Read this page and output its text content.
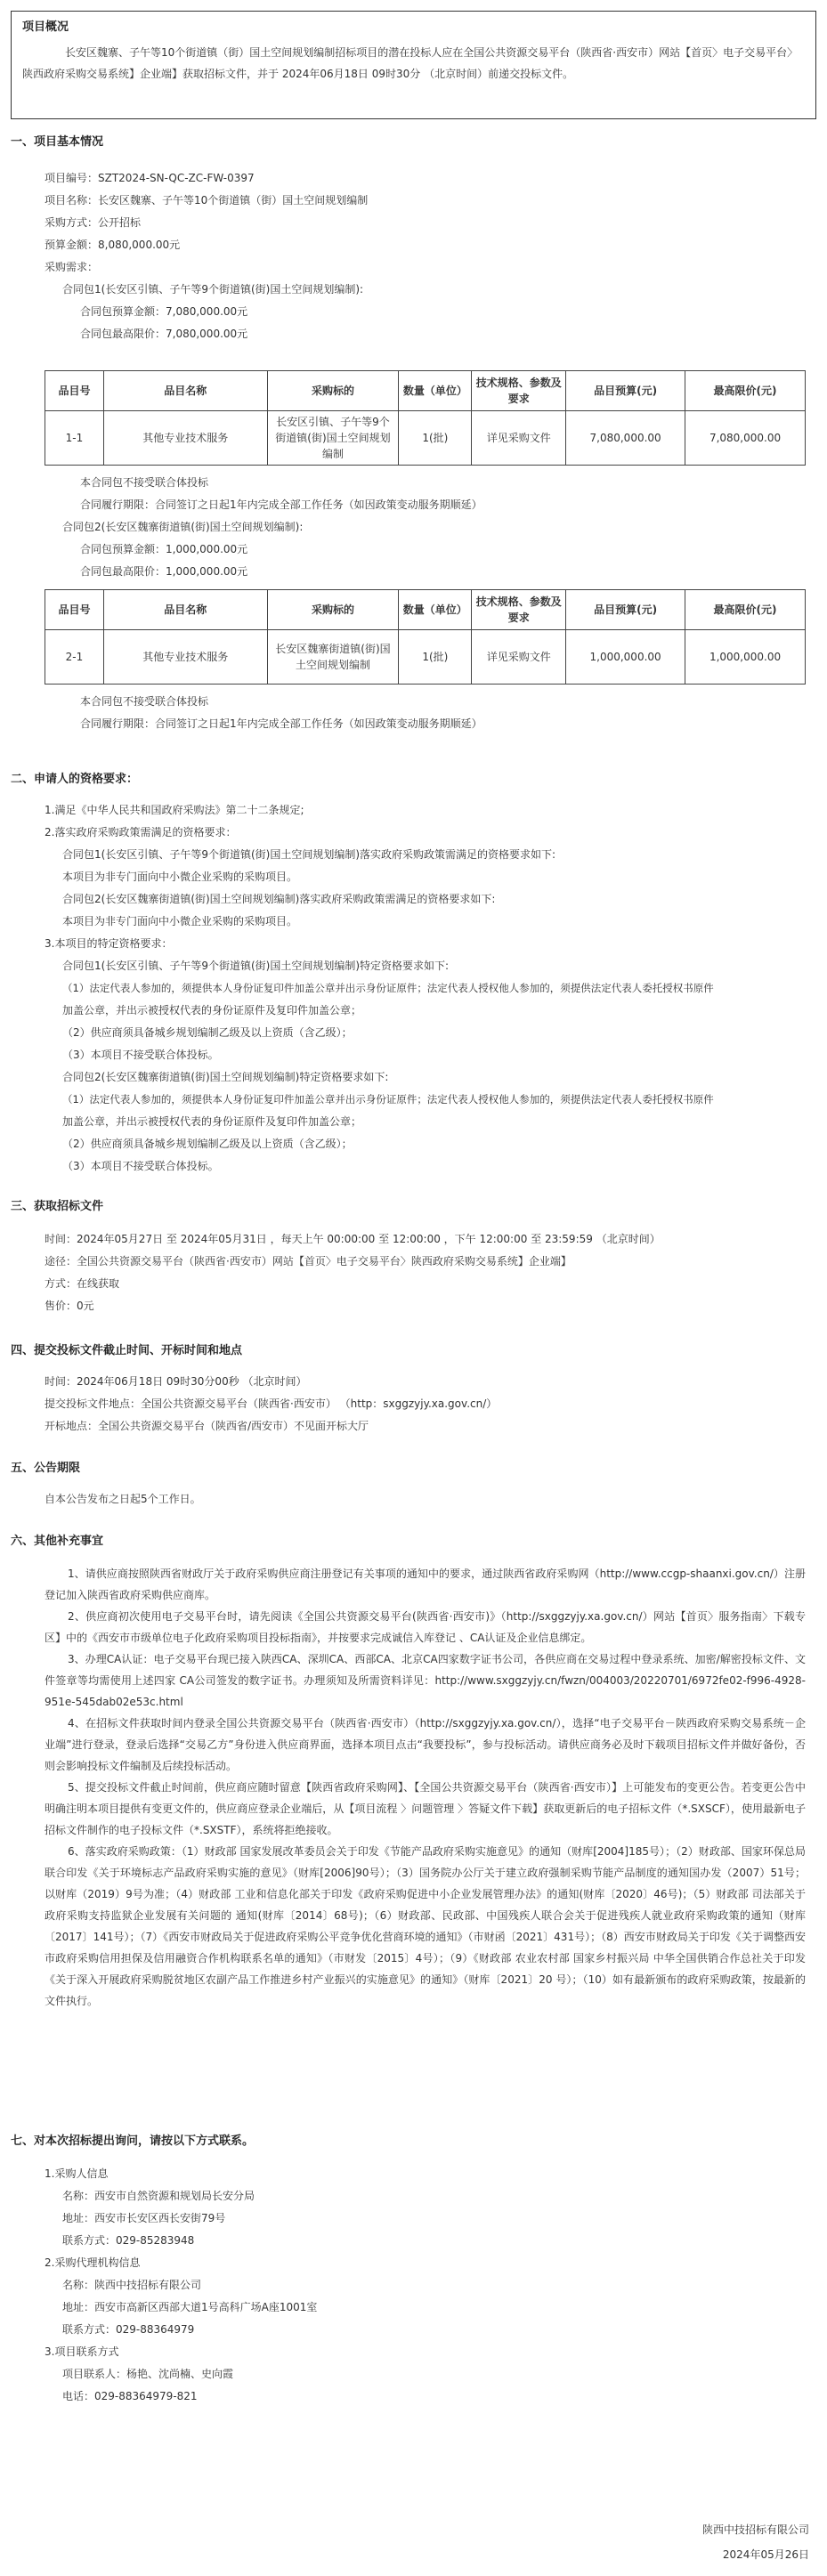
项目概况

长安区魏寨、子午等10个街道镇（街）国土空间规划编制招标项目的潜在投标人应在全国公共资源交易平台（陕西省·西安市）网站【首页〉电子交易平台〉陕西政府采购交易系统】企业端】获取招标文件，并于 2024年06月18日 09时30分 （北京时间）前递交投标文件。

一、项目基本情况

项目编号：SZT2024-SN-QC-ZC-FW-0397

项目名称：长安区魏寨、子午等10个街道镇（街）国土空间规划编制

采购方式：公开招标

预算金额：8,080,000.00元

采购需求：

合同包1(长安区引镇、子午等9个街道镇(街)国土空间规划编制):

合同包预算金额：7,080,000.00元

合同包最高限价：7,080,000.00元

品目号	品目名称	采购标的	数量（单位）	技术规格、参数及要求	品目预算(元)	最高限价(元)
1-1	其他专业技术服务	长安区引镇、子午等9个街道镇(街)国土空间规划编制	1(批)	详见采购文件	7,080,000.00	7,080,000.00

本合同包不接受联合体投标

合同履行期限：合同签订之日起1年内完成全部工作任务（如因政策变动服务期顺延）

合同包2(长安区魏寨街道镇(街)国土空间规划编制):

合同包预算金额：1,000,000.00元

合同包最高限价：1,000,000.00元

品目号	品目名称	采购标的	数量（单位）	技术规格、参数及要求	品目预算(元)	最高限价(元)
2-1	其他专业技术服务	长安区魏寨街道镇(街)国土空间规划编制	1(批)	详见采购文件	1,000,000.00	1,000,000.00

本合同包不接受联合体投标

合同履行期限：合同签订之日起1年内完成全部工作任务（如因政策变动服务期顺延）

二、申请人的资格要求：

1.满足《中华人民共和国政府采购法》第二十二条规定;

2.落实政府采购政策需满足的资格要求：

合同包1(长安区引镇、子午等9个街道镇(街)国土空间规划编制)落实政府采购政策需满足的资格要求如下:

本项目为非专门面向中小微企业采购的采购项目。

合同包2(长安区魏寨街道镇(街)国土空间规划编制)落实政府采购政策需满足的资格要求如下:

本项目为非专门面向中小微企业采购的采购项目。

3.本项目的特定资格要求：

合同包1(长安区引镇、子午等9个街道镇(街)国土空间规划编制)特定资格要求如下:

（1）法定代表人参加的，须提供本人身份证复印件加盖公章并出示身份证原件；法定代表人授权他人参加的，须提供法定代表人委托授权书原件

加盖公章，并出示被授权代表的身份证原件及复印件加盖公章；

（2）供应商须具备城乡规划编制乙级及以上资质（含乙级）；

（3）本项目不接受联合体投标。

合同包2(长安区魏寨街道镇(街)国土空间规划编制)特定资格要求如下:

（1）法定代表人参加的，须提供本人身份证复印件加盖公章并出示身份证原件；法定代表人授权他人参加的，须提供法定代表人委托授权书原件

加盖公章，并出示被授权代表的身份证原件及复印件加盖公章；

（2）供应商须具备城乡规划编制乙级及以上资质（含乙级）；

（3）本项目不接受联合体投标。

三、获取招标文件

时间：2024年05月27日 至 2024年05月31日 ，每天上午 00:00:00 至 12:00:00 ，下午 12:00:00 至 23:59:59 （北京时间）

途径：全国公共资源交易平台（陕西省·西安市）网站【首页〉电子交易平台〉陕西政府采购交易系统】企业端】

方式：在线获取

售价：0元

四、提交投标文件截止时间、开标时间和地点

时间：2024年06月18日 09时30分00秒 （北京时间）

提交投标文件地点：全国公共资源交易平台（陕西省·西安市） （http：sxggzyjy.xa.gov.cn/）

开标地点：全国公共资源交易平台（陕西省/西安市）不见面开标大厅

五、公告期限

自本公告发布之日起5个工作日。

六、其他补充事宜

1、请供应商按照陕西省财政厅关于政府采购供应商注册登记有关事项的通知中的要求，通过陕西省政府采购网（http://www.ccgp-shaanxi.gov.cn/）注册登记加入陕西省政府采购供应商库。

2、供应商初次使用电子交易平台时，请先阅读《全国公共资源交易平台(陕西省·西安市)》（http://sxggzyjy.xa.gov.cn/）网站【首页〉服务指南〉下载专区】中的《西安市市级单位电子化政府采购项目投标指南》，并按要求完成诚信入库登记 、CA认证及企业信息绑定。

3、办理CA认证：电子交易平台现已接入陕西CA、深圳CA、西部CA、北京CA四家数字证书公司，各供应商在交易过程中登录系统、加密/解密投标文件、文件签章等均需使用上述四家 CA公司签发的数字证书。办理须知及所需资料详见：http://www.sxggzyjy.cn/fwzn/004003/20220701/6972fe02-f996-4928-951e-545dab02e53c.html

4、在招标文件获取时间内登录全国公共资源交易平台（陕西省·西安市）（http://sxggzyjy.xa.gov.cn/），选择“电子交易平台－陕西政府采购交易系统－企业端”进行登录，登录后选择“交易乙方”身份进入供应商界面，选择本项目点击“我要投标”，参与投标活动。请供应商务必及时下载项目招标文件并做好备份，否则会影响投标文件编制及后续投标活动。

5、提交投标文件截止时间前，供应商应随时留意【陕西省政府采购网】、【全国公共资源交易平台（陕西省·西安市）】上可能发布的变更公告。若变更公告中明确注明本项目提供有变更文件的，供应商应登录企业端后，从【项目流程 〉问题管理 〉答疑文件下载】获取更新后的电子招标文件（*.SXSCF），使用最新电子招标文件制作的电子投标文件（*.SXSTF），系统将拒绝接收。

6、落实政府采购政策：（1）财政部 国家发展改革委员会关于印发《节能产品政府采购实施意见》的通知（财库[2004]185号）；（2）财政部、国家环保总局联合印发《关于环境标志产品政府采购实施的意见》（财库[2006]90号）；（3）国务院办公厅关于建立政府强制采购节能产品制度的通知国办发（2007）51号；以财库（2019）9号为准；（4）财政部 工业和信息化部关于印发《政府采购促进中小企业发展管理办法》的通知(财库〔2020〕46号)；（5）财政部 司法部关于政府采购支持监狱企业发展有关问题的 通知(财库〔2014〕68号)；（6）财政部、民政部、中国残疾人联合会关于促进残疾人就业政府采购政策的通知（财库〔2017〕141号）；（7）《西安市财政局关于促进政府采购公平竞争优化营商环境的通知》（市财函〔2021〕431号）；（8）西安市财政局关于印发《关于调整西安市政府采购信用担保及信用融资合作机构联系名单的通知》（市财发〔2015〕4号）；（9）《财政部 农业农村部 国家乡村振兴局 中华全国供销合作总社关于印发《关于深入开展政府采购脱贫地区农副产品工作推进乡村产业振兴的实施意见》的通知》（财库〔2021〕20 号）；（10）如有最新颁布的政府采购政策，按最新的文件执行。

七、对本次招标提出询问，请按以下方式联系。

1.采购人信息

名称：西安市自然资源和规划局长安分局

地址：西安市长安区西长安街79号

联系方式：029-85283948

2.采购代理机构信息

名称：陕西中技招标有限公司

地址：西安市高新区西部大道1号高科广场A座1001室

联系方式：029-88364979

3.项目联系方式

项目联系人：杨艳、沈尚楠、史向霞

电话：029-88364979-821

陕西中技招标有限公司

2024年05月26日
